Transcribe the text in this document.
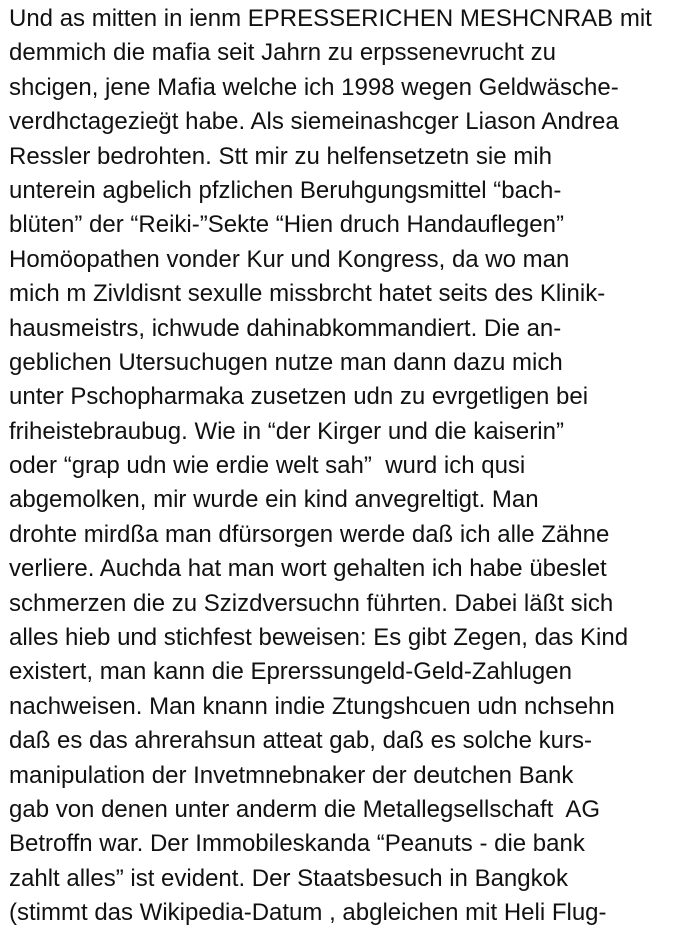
Und as mitten in ienm EPRESSERICHEN MESHCNRAB mit
demmich die mafia seit Jahrn zu erpssenevrucht zu
shcigen, jene Mafia welche ich 1998 wegen Geldwäsche-
verdhctagezieg̈t habe. Als siemeinashcger Liason Andrea
Ressler bedrohten. Stt mir zu helfensetzetn sie mih
unterein agbelich pfzlichen Beruhgungsmittel “bach-
blüten” der “Reiki-”Sekte “Hien druch Handauflegen”
Homöopathen vonder Kur und Kongress, da wo man
mich m Zivldisnt sexulle missbrcht hatet seits des Klinik-
hausmeistrs, ichwude dahinabkommandiert. Die an-
geblichen Utersuchugen nutze man dann dazu mich
unter Pschopharmaka zusetzen udn zu evrgetligen bei
friheistebraubug. Wie in “der Kirger und die kaiserin”
oder “grap udn wie erdie welt sah”  wurd ich qusi
abgemolken, mir wurde ein kind anvegreltigt. Man
drohte mirdßa man dfürsorgen werde daß ich alle Zähne
verliere. Auchda hat man wort gehalten ich habe übeslet
schmerzen die zu Szizdversuchn führten. Dabei läßt sich
alles hieb und stichfest beweisen: Es gibt Zegen, das Kind
existert, man kann die Eprerssungeld-Geld-Zahlugen
nachweisen. Man knann indie Ztungshcuen udn nchsehn
daß es das ahrerahsun atteat gab, daß es solche kurs-
manipulation der Invetmnebnaker der deutchen Bank
gab von denen unter anderm die Metallegsellschaft  AG
Betroffn war. Der Immobileskanda “Peanuts - die bank
zahlt alles” ist evident. Der Staatsbesuch in Bangkok
(stimmt das Wikipedia-Datum , abgleichen mit Heli Flug-
